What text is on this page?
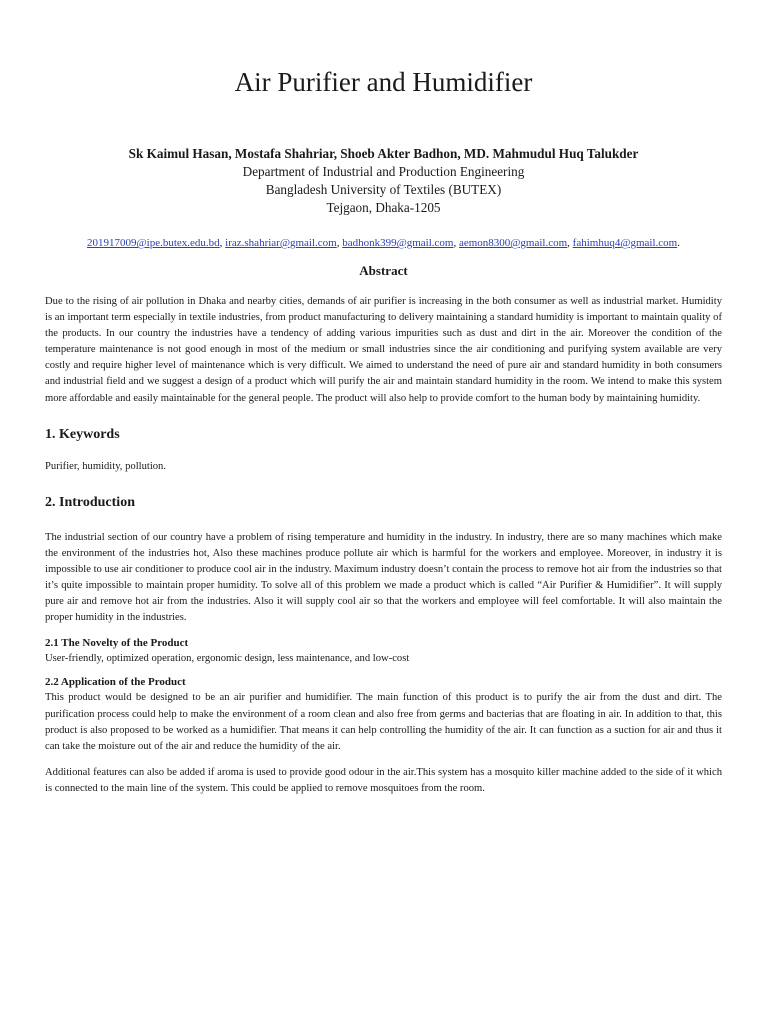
Air Purifier and Humidifier
Sk Kaimul Hasan, Mostafa Shahriar, Shoeb Akter Badhon, MD. Mahmudul Huq Talukder
Department of Industrial and Production Engineering
Bangladesh University of Textiles (BUTEX)
Tejgaon, Dhaka-1205
201917009@ipe.butex.edu.bd, iraz.shahriar@gmail.com, badhonk399@gmail.com, aemon8300@gmail.com, fahimhuq4@gmail.com.
Abstract

Due to the rising of air pollution in Dhaka and nearby cities, demands of air purifier is increasing in the both consumer as well as industrial market. Humidity is an important term especially in textile industries, from product manufacturing to delivery maintaining a standard humidity is important to maintain quality of the products. In our country the industries have a tendency of adding various impurities such as dust and dirt in the air. Moreover the condition of the temperature maintenance is not good enough in most of the medium or small industries since the air conditioning and purifying system available are very costly and require higher level of maintenance which is very difficult. We aimed to understand the need of pure air and standard humidity in both consumers and industrial field and we suggest a design of a product which will purify the air and maintain standard humidity in the room. We intend to make this system more affordable and easily maintainable for the general people. The product will also help to provide comfort to the human body by maintaining humidity.

1. Keywords

Purifier, humidity, pollution.

2. Introduction

The industrial section of our country have a problem of rising temperature and humidity in the industry. In industry, there are so many machines which make the environment of the industries hot, Also these machines produce pollute air which is harmful for the workers and employee. Moreover, in industry it is impossible to use air conditioner to produce cool air in the industry. Maximum industry doesn’t contain the process to remove hot air from the industries so that it’s quite impossible to maintain proper humidity. To solve all of this problem we made a product which is called “Air Purifier & Humidifier”. It will supply pure air and remove hot air from the industries. Also it will supply cool air so that the workers and employee will feel comfortable. It will also maintain the proper humidity in the industries.

2.1 The Novelty of the Product

User-friendly, optimized operation, ergonomic design, less maintenance, and low-cost

2.2 Application of the Product

This product would be designed to be an air purifier and humidifier. The main function of this product is to purify the air from the dust and dirt. The purification process could help to make the environment of a room clean and also free from germs and bacterias that are floating in air. In addition to that, this product is also proposed to be worked as a humidifier. That means it can help controlling the humidity of the air. It can function as a suction for air and thus it can take the moisture out of the air and reduce the humidity of the air.

Additional features can also be added if aroma is used to provide good odour in the air.This system has a mosquito killer machine added to the side of it which is connected to the main line of the system. This could be applied to remove mosquitoes from the room.
